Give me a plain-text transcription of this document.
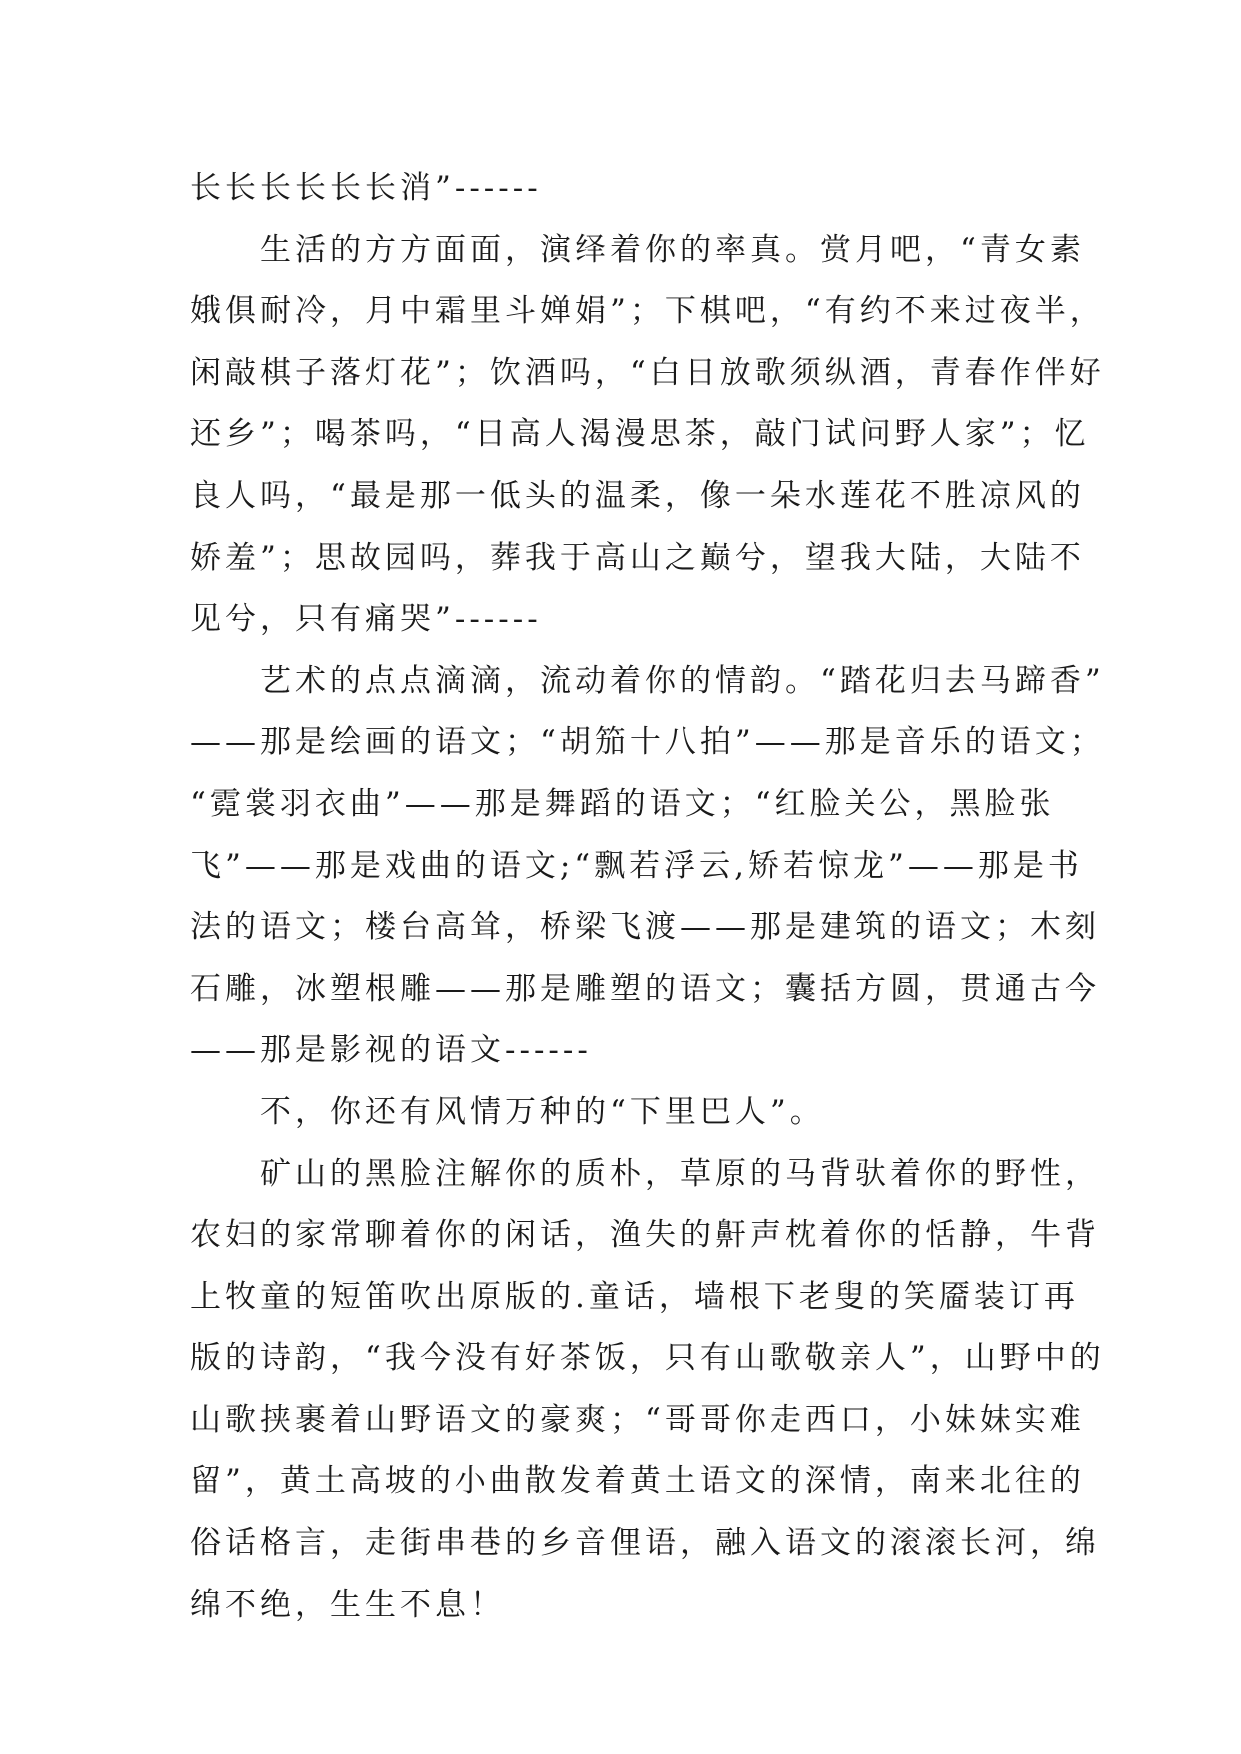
长长长长长长消”------
　　生活的方方面面，演绎着你的率真。赏月吧，“青女素
娥俱耐冷，月中霜里斗婵娟”；下棋吧，“有约不来过夜半，
闲敲棋子落灯花”；饮酒吗，“白日放歌须纵酒，青春作伴好
还乡”；喝茶吗，“日高人渴漫思茶，敲门试问野人家”；忆
良人吗，“最是那一低头的温柔，像一朵水莲花不胜凉风的
娇羞”；思故园吗，葬我于高山之巅兮，望我大陆，大陆不
见兮，只有痛哭”------
　　艺术的点点滴滴，流动着你的情韵。“踏花归去马蹄香”
——那是绘画的语文；“胡笳十八拍”——那是音乐的语文；
“霓裳羽衣曲”——那是舞蹈的语文；“红脸关公，黑脸张
飞”——那是戏曲的语文;“飘若浮云,矫若惊龙”——那是书
法的语文；楼台高耸，桥梁飞渡——那是建筑的语文；木刻
石雕，冰塑根雕——那是雕塑的语文；囊括方圆，贯通古今
——那是影视的语文------
　　不，你还有风情万种的“下里巴人”。
　　矿山的黑脸注解你的质朴，草原的马背驮着你的野性，
农妇的家常聊着你的闲话，渔失的鼾声枕着你的恬静，牛背
上牧童的短笛吹出原版的.童话，墙根下老叟的笑靥装订再
版的诗韵，“我今没有好茶饭，只有山歌敬亲人”，山野中的
山歌挟裹着山野语文的豪爽；“哥哥你走西口，小妹妹实难
留”，黄土高坡的小曲散发着黄土语文的深情，南来北往的
俗话格言，走街串巷的乡音俚语，融入语文的滚滚长河，绵
绵不绝，生生不息！
